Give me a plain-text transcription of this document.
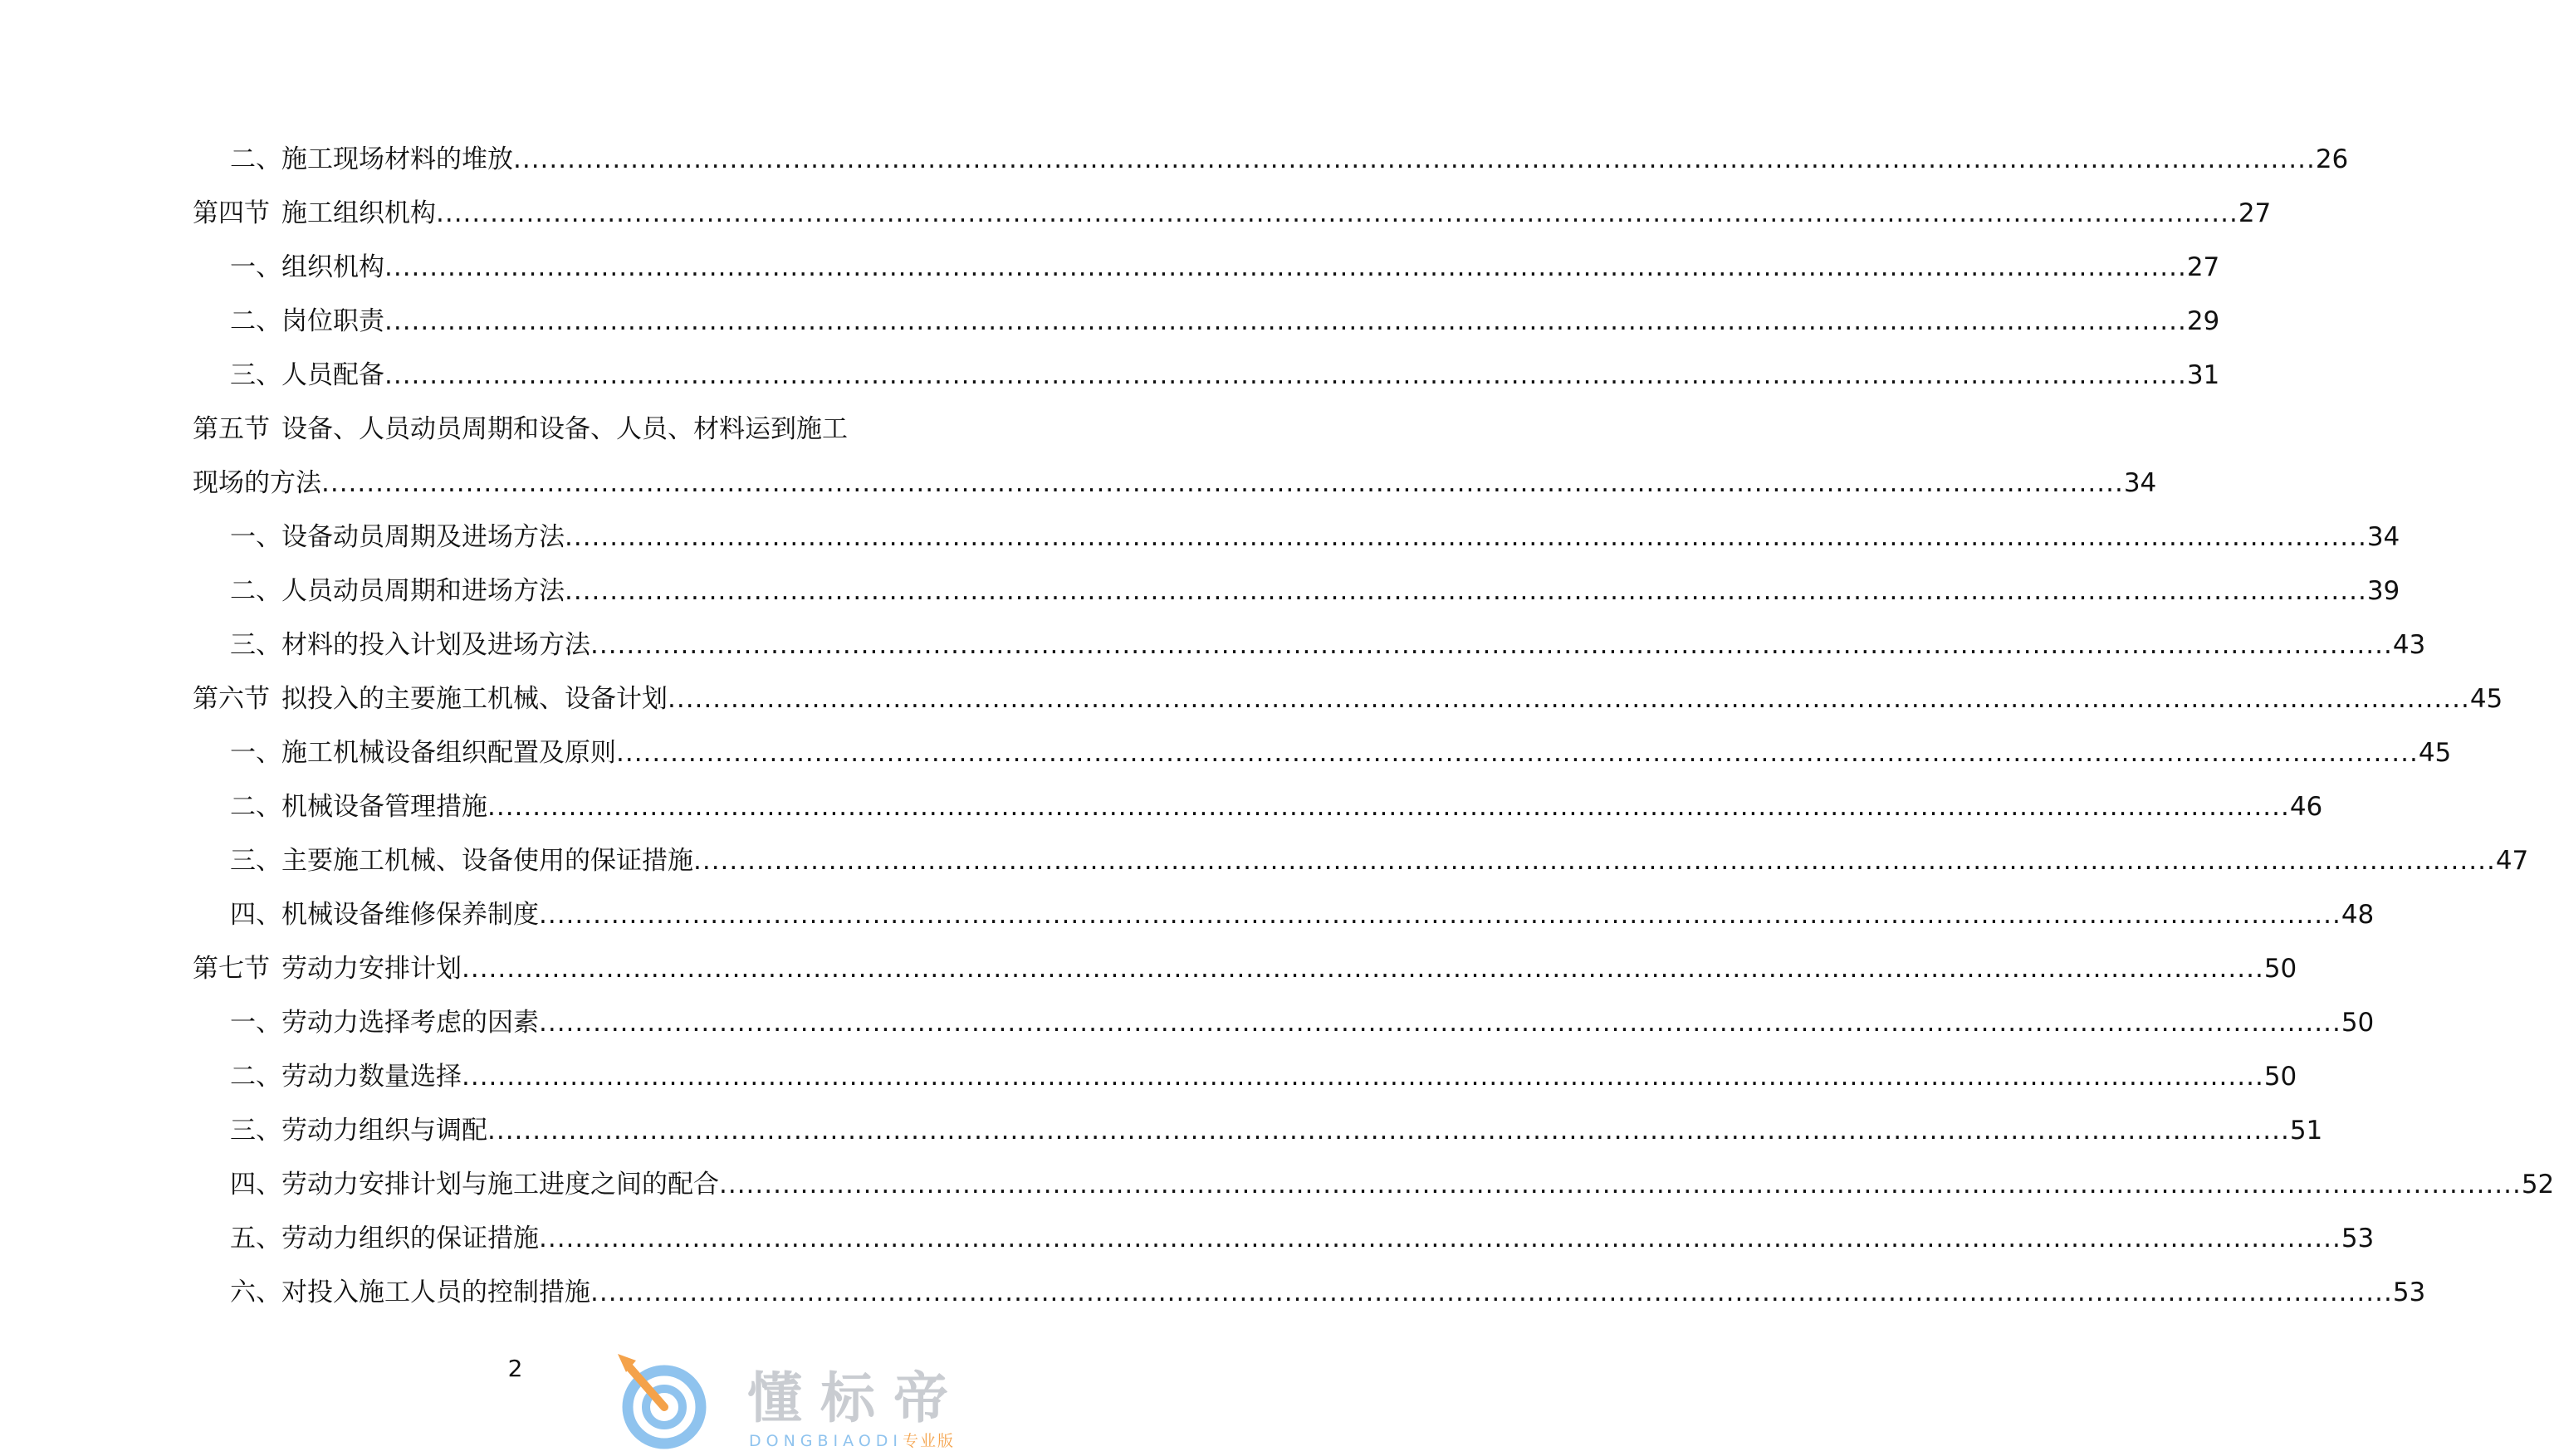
二、施工现场材料的堆放 ........................................................................................................................................................................................................ 26
第四节 施工组织机构 ........................................................................................................................................................................................................ 27
一、组织机构 ........................................................................................................................................................................................................ 27
二、岗位职责 ........................................................................................................................................................................................................ 29
三、人员配备 ........................................................................................................................................................................................................ 31
第五节 设备、人员动员周期和设备、人员、材料运到施工
现场的方法 ........................................................................................................................................................................................................ 34
一、设备动员周期及进场方法 ........................................................................................................................................................................................................ 34
二、人员动员周期和进场方法 ........................................................................................................................................................................................................ 39
三、材料的投入计划及进场方法 ........................................................................................................................................................................................................ 43
第六节 拟投入的主要施工机械、设备计划 ........................................................................................................................................................................................................ 45
一、施工机械设备组织配置及原则 ........................................................................................................................................................................................................ 45
二、机械设备管理措施 ........................................................................................................................................................................................................ 46
三、主要施工机械、设备使用的保证措施 ........................................................................................................................................................................................................ 47
四、机械设备维修保养制度 ........................................................................................................................................................................................................ 48
第七节 劳动力安排计划 ........................................................................................................................................................................................................ 50
一、劳动力选择考虑的因素 ........................................................................................................................................................................................................ 50
二、劳动力数量选择 ........................................................................................................................................................................................................ 50
三、劳动力组织与调配 ........................................................................................................................................................................................................ 51
四、劳动力安排计划与施工进度之间的配合 ........................................................................................................................................................................................................ 52
五、劳动力组织的保证措施 ........................................................................................................................................................................................................ 53
六、对投入施工人员的控制措施 ........................................................................................................................................................................................................ 53
2	懂标帝
DONGBIAODI专业版
